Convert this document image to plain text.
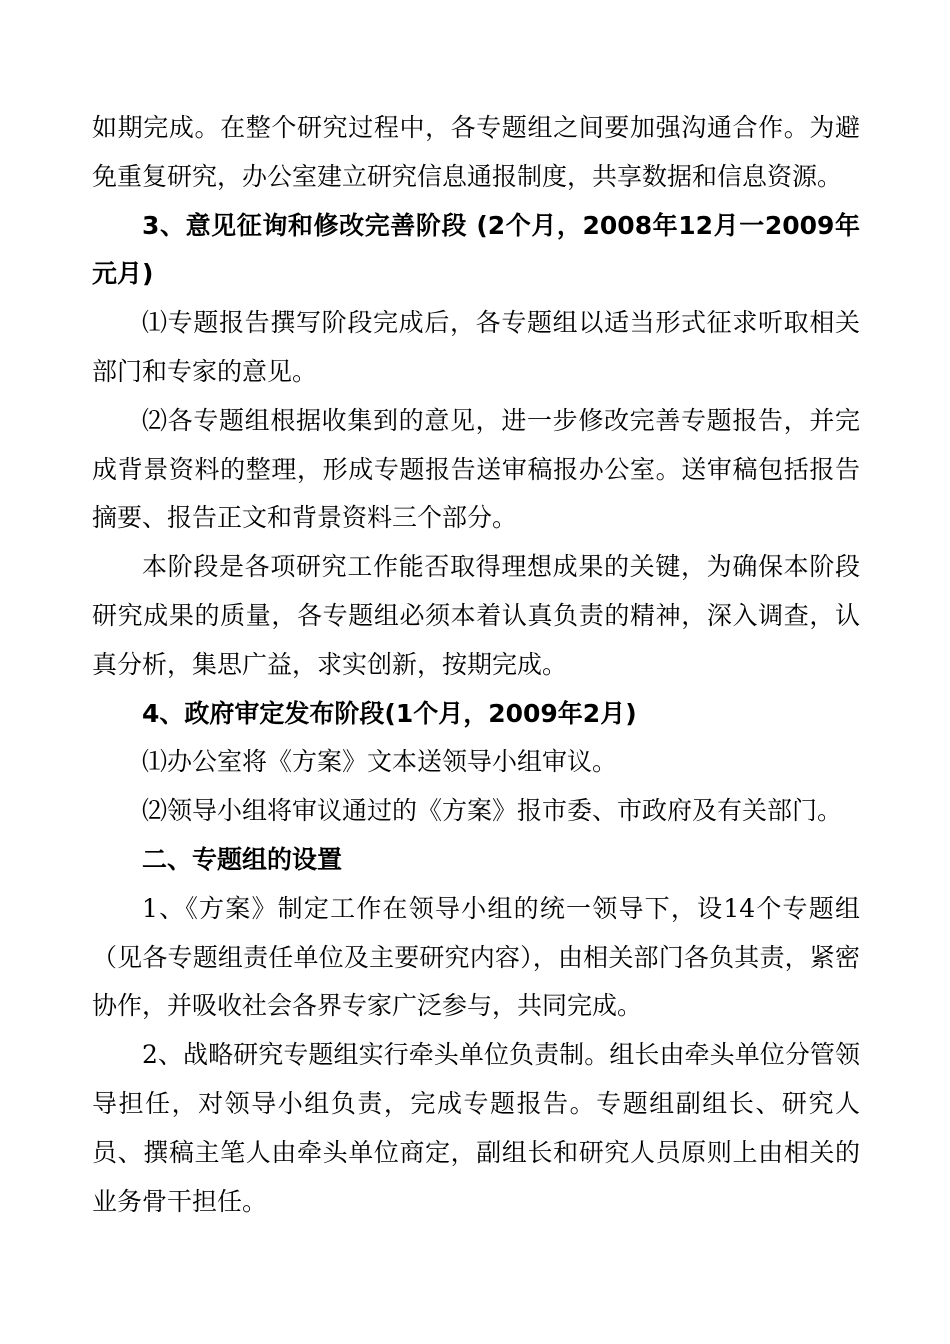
如期完成。在整个研究过程中，各专题组之间要加强沟通合作。为避免重复研究，办公室建立研究信息通报制度，共享数据和信息资源。

3、意见征询和修改完善阶段 (2个月，2008年12月一2009年元月)

⑴专题报告撰写阶段完成后，各专题组以适当形式征求听取相关部门和专家的意见。

⑵各专题组根据收集到的意见，进一步修改完善专题报告，并完成背景资料的整理，形成专题报告送审稿报办公室。送审稿包括报告摘要、报告正文和背景资料三个部分。

本阶段是各项研究工作能否取得理想成果的关键，为确保本阶段研究成果的质量，各专题组必须本着认真负责的精神，深入调查，认真分析，集思广益，求实创新，按期完成。

4、政府审定发布阶段(1个月，2009年2月)

⑴办公室将《方案》文本送领导小组审议。

⑵领导小组将审议通过的《方案》报市委、市政府及有关部门。

二、专题组的设置

1、《方案》制定工作在领导小组的统一领导下，设14个专题组（见各专题组责任单位及主要研究内容），由相关部门各负其责，紧密协作，并吸收社会各界专家广泛参与，共同完成。

2、战略研究专题组实行牵头单位负责制。组长由牵头单位分管领导担任，对领导小组负责，完成专题报告。专题组副组长、研究人员、撰稿主笔人由牵头单位商定，副组长和研究人员原则上由相关的业务骨干担任。
